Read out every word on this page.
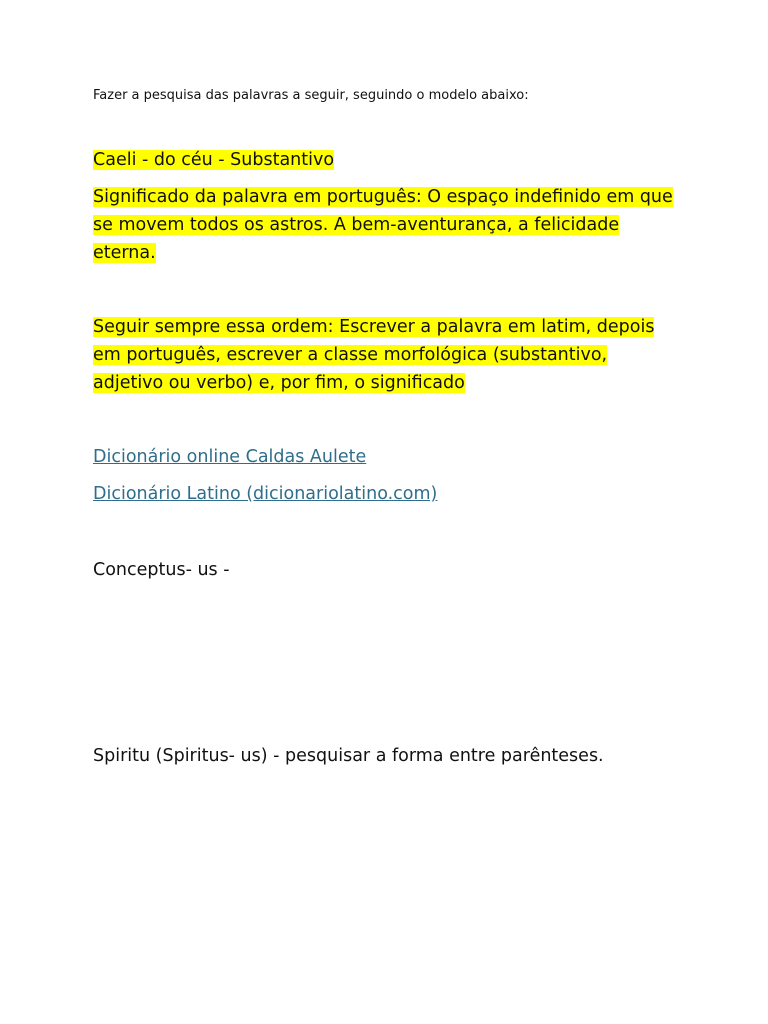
Fazer a pesquisa das palavras a seguir, seguindo o modelo abaixo:

Caeli - do céu - Substantivo

Significado da palavra em português: O espaço indefinido em que se movem todos os astros. A bem-aventurança, a felicidade eterna.

Seguir sempre essa ordem: Escrever a palavra em latim, depois em português, escrever a classe morfológica (substantivo, adjetivo ou verbo) e, por fim, o significado

Dicionário online Caldas Aulete

Dicionário Latino (dicionariolatino.com)

Conceptus- us -

Spiritu (Spiritus- us) - pesquisar a forma entre parênteses.
